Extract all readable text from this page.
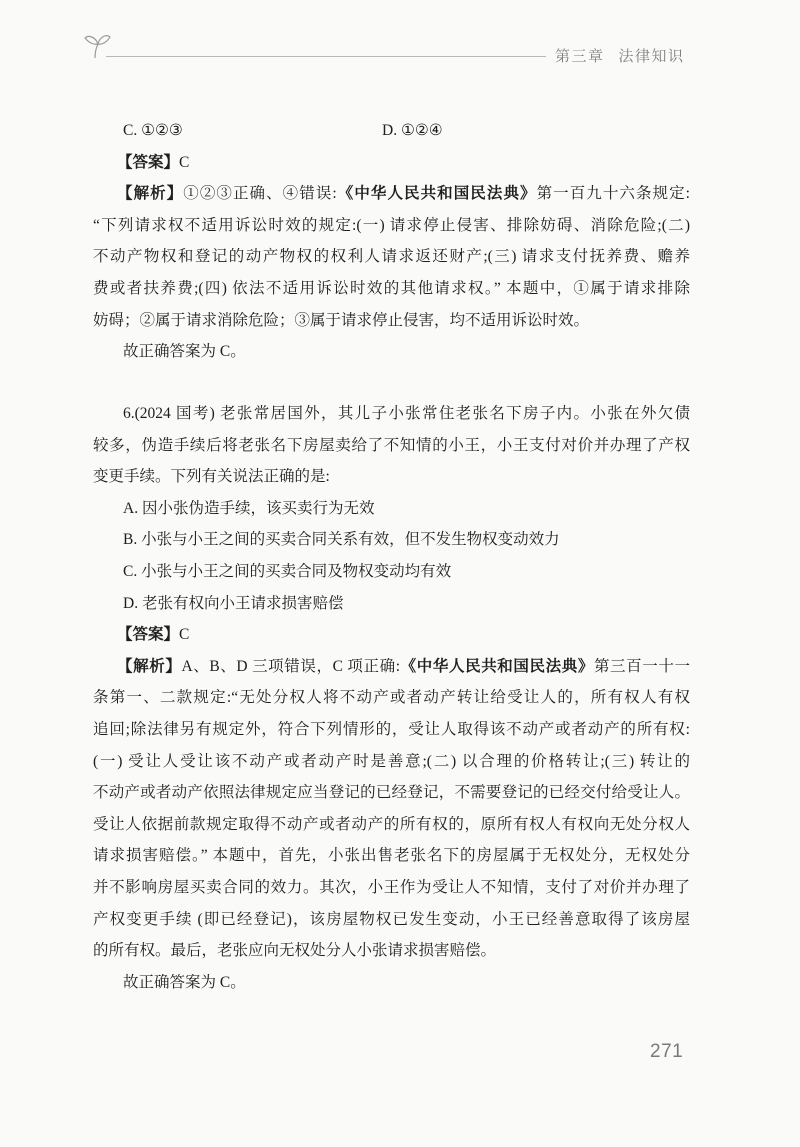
第三章 法律知识
C. ①②③	D. ①②④
【答案】C
【解析】①②③正确、④错误:《中华人民共和国民法典》第一百九十六条规定:
“下列请求权不适用诉讼时效的规定:(一) 请求停止侵害、排除妨碍、消除危险;(二)
不动产物权和登记的动产物权的权利人请求返还财产;(三) 请求支付抚养费、赡养
费或者扶养费;(四) 依法不适用诉讼时效的其他请求权。” 本题中，①属于请求排除
妨碍；②属于请求消除危险；③属于请求停止侵害，均不适用诉讼时效。
故正确答案为 C。
6.(2024 国考) 老张常居国外，其儿子小张常住老张名下房子内。小张在外欠债
较多，伪造手续后将老张名下房屋卖给了不知情的小王，小王支付对价并办理了产权
变更手续。下列有关说法正确的是:
A. 因小张伪造手续，该买卖行为无效
B. 小张与小王之间的买卖合同关系有效，但不发生物权变动效力
C. 小张与小王之间的买卖合同及物权变动均有效
D. 老张有权向小王请求损害赔偿
【答案】C
【解析】A、B、D 三项错误，C 项正确:《中华人民共和国民法典》第三百一十一
条第一、二款规定:“无处分权人将不动产或者动产转让给受让人的，所有权人有权
追回;除法律另有规定外，符合下列情形的，受让人取得该不动产或者动产的所有权:
(一) 受让人受让该不动产或者动产时是善意;(二) 以合理的价格转让;(三) 转让的
不动产或者动产依照法律规定应当登记的已经登记，不需要登记的已经交付给受让人。
受让人依据前款规定取得不动产或者动产的所有权的，原所有权人有权向无处分权人
请求损害赔偿。” 本题中，首先，小张出售老张名下的房屋属于无权处分，无权处分
并不影响房屋买卖合同的效力。其次，小王作为受让人不知情，支付了对价并办理了
产权变更手续 (即已经登记)，该房屋物权已发生变动，小王已经善意取得了该房屋
的所有权。最后，老张应向无权处分人小张请求损害赔偿。
故正确答案为 C。
271
